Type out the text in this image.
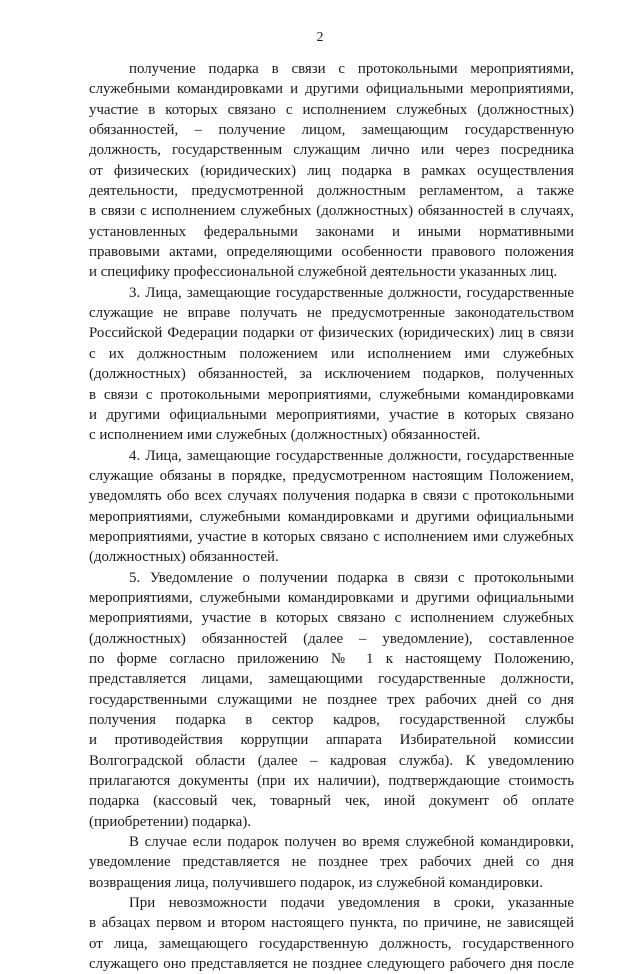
2
получение подарка в связи с протокольными мероприятиями,
служебными командировками и другими официальными мероприятиями,
участие в которых связано с исполнением служебных (должностных)
обязанностей, – получение лицом, замещающим государственную
должность, государственным служащим лично или через посредника
от физических (юридических) лиц подарка в рамках осуществления
деятельности, предусмотренной должностным регламентом, а также
в связи с исполнением служебных (должностных) обязанностей в случаях,
установленных федеральными законами и иными нормативными
правовыми актами, определяющими особенности правового положения
и специфику профессиональной служебной деятельности указанных лиц.
3. Лица, замещающие государственные должности, государственные
служащие не вправе получать не предусмотренные законодательством
Российской Федерации подарки от физических (юридических) лиц в связи
с их должностным положением или исполнением ими служебных
(должностных) обязанностей, за исключением подарков, полученных
в связи с протокольными мероприятиями, служебными командировками
и другими официальными мероприятиями, участие в которых связано
с исполнением ими служебных (должностных) обязанностей.
4. Лица, замещающие государственные должности, государственные
служащие обязаны в порядке, предусмотренном настоящим Положением,
уведомлять обо всех случаях получения подарка в связи с протокольными
мероприятиями, служебными командировками и другими официальными
мероприятиями, участие в которых связано с исполнением ими служебных
(должностных) обязанностей.
5. Уведомление о получении подарка в связи с протокольными
мероприятиями, служебными командировками и другими официальными
мероприятиями, участие в которых связано с исполнением служебных
(должностных) обязанностей (далее – уведомление), составленное
по форме согласно приложению № 1 к настоящему Положению,
представляется лицами, замещающими государственные должности,
государственными служащими не позднее трех рабочих дней со дня
получения подарка в сектор кадров, государственной службы
и противодействия коррупции аппарата Избирательной комиссии
Волгоградской области (далее – кадровая служба). К уведомлению
прилагаются документы (при их наличии), подтверждающие стоимость
подарка (кассовый чек, товарный чек, иной документ об оплате
(приобретении) подарка).
В случае если подарок получен во время служебной командировки,
уведомление представляется не позднее трех рабочих дней со дня
возвращения лица, получившего подарок, из служебной командировки.
При невозможности подачи уведомления в сроки, указанные
в абзацах первом и втором настоящего пункта, по причине, не зависящей
от лица, замещающего государственную должность, государственного
служащего оно представляется не позднее следующего рабочего дня после
